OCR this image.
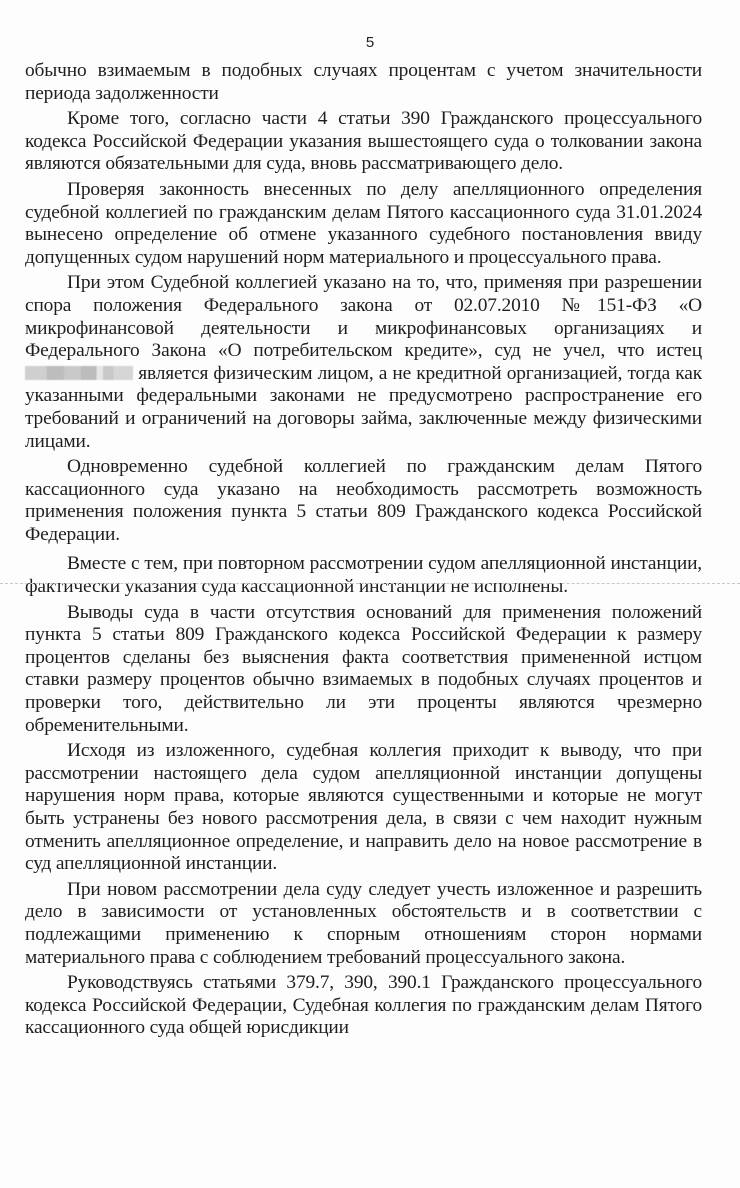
5

обычно взимаемым в подобных случаях процентам с учетом значительности периода задолженности

Кроме того, согласно части 4 статьи 390 Гражданского процессуального кодекса Российской Федерации указания вышестоящего суда о толковании закона являются обязательными для суда, вновь рассматривающего дело.

Проверяя законность внесенных по делу апелляционного определения судебной коллегией по гражданским делам Пятого кассационного суда 31.01.2024 вынесено определение об отмене указанного судебного постановления ввиду допущенных судом нарушений норм материального и процессуального права.

При этом Судебной коллегией указано на то, что, применяя при разрешении спора положения Федерального закона от 02.07.2010 №151-ФЗ «О микрофинансовой деятельности и микрофинансовых организациях и Федерального Закона «О потребительском кредите», суд не учел, что истец  является физическим лицом, а не кредитной организацией, тогда как указанными федеральными законами не предусмотрено распространение его требований и ограничений на договоры займа, заключенные между физическими лицами.

Одновременно судебной коллегией по гражданским делам Пятого кассационного суда указано на необходимость рассмотреть возможность применения положения пункта 5 статьи 809 Гражданского кодекса Российской Федерации.

Вместе с тем, при повторном рассмотрении судом апелляционной инстанции, фактически указания суда кассационной инстанции не исполнены.

Выводы суда в части отсутствия оснований для применения положений пункта 5 статьи 809 Гражданского кодекса Российской Федерации к размеру процентов сделаны без выяснения факта соответствия примененной истцом ставки размеру процентов обычно взимаемых в подобных случаях процентов и проверки того, действительно ли эти проценты являются чрезмерно обременительными.

Исходя из изложенного, судебная коллегия приходит к выводу, что при рассмотрении настоящего дела судом апелляционной инстанции допущены нарушения норм права, которые являются существенными и которые не могут быть устранены без нового рассмотрения дела, в связи с чем находит нужным отменить апелляционное определение, и направить дело на новое рассмотрение в суд апелляционной инстанции.

При новом рассмотрении дела суду следует учесть изложенное и разрешить дело в зависимости от установленных обстоятельств и в соответствии с подлежащими применению к спорным отношениям сторон нормами материального права с соблюдением требований процессуального закона.

Руководствуясь статьями 379.7, 390, 390.1 Гражданского процессуального кодекса Российской Федерации, Судебная коллегия по гражданским делам Пятого кассационного суда общей юрисдикции
